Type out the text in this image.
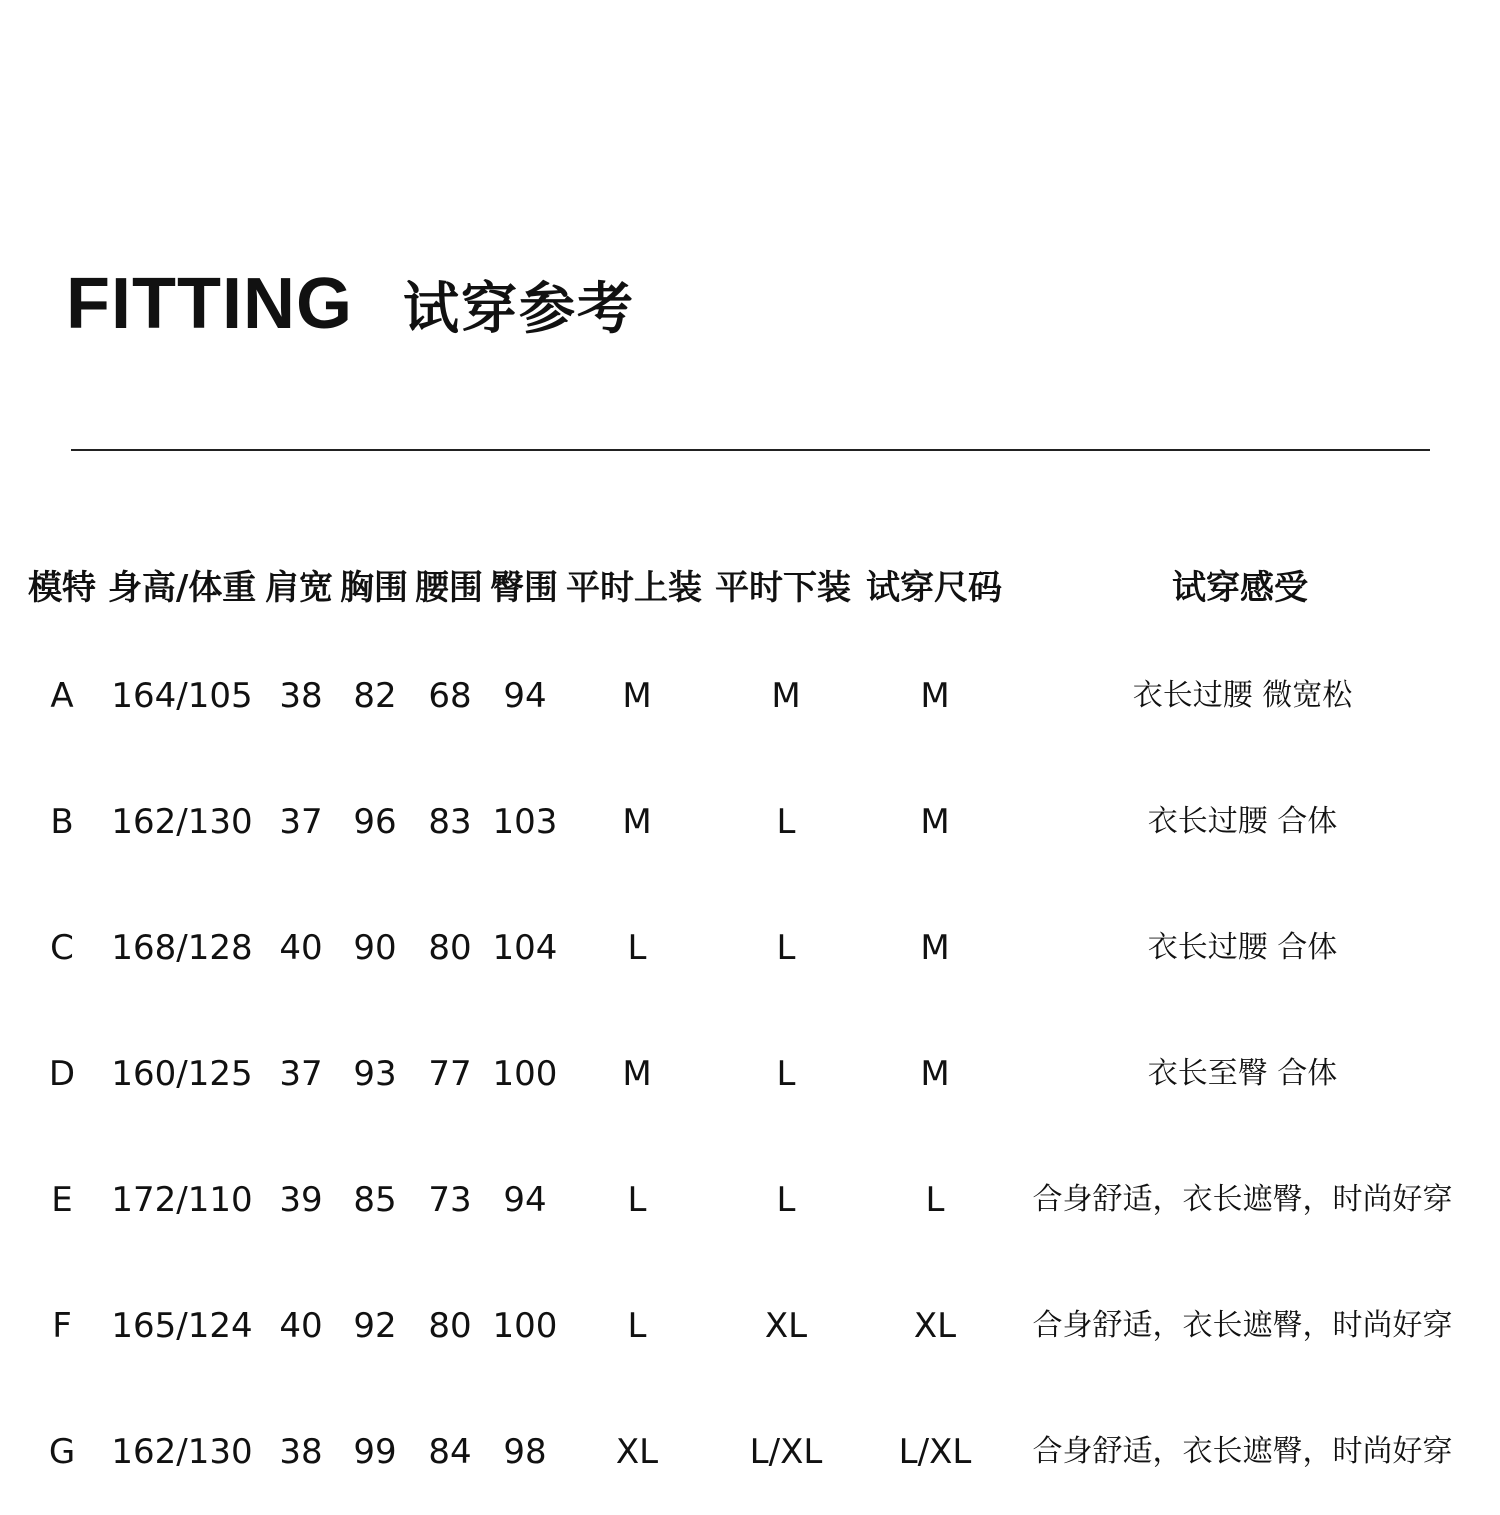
FITTING 试穿参考
模特 身高/体重 肩宽 胸围 腰围 臀围 平时上装 平时下装 试穿尺码	试穿感受
A 164/105 38 82 68 94	M	M	M	衣长过腰 微宽松
B 162/130 37 96 83 103	M	L	M	衣长过腰 合体
C 168/128 40 90 80 104	L	L	M	衣长过腰 合体
D 160/125 37 93 77 100	M	L	M	衣长至臀 合体
E 172/110 39 85 73 94	L	L	L	合身舒适，衣长遮臀，时尚好穿
F	165/124 40 92 80 100	L	XL	XL	合身舒适，衣长遮臀，时尚好穿
G 162/130 38 99 84 98	XL	L/XL	L/XL	合身舒适，衣长遮臀，时尚好穿
